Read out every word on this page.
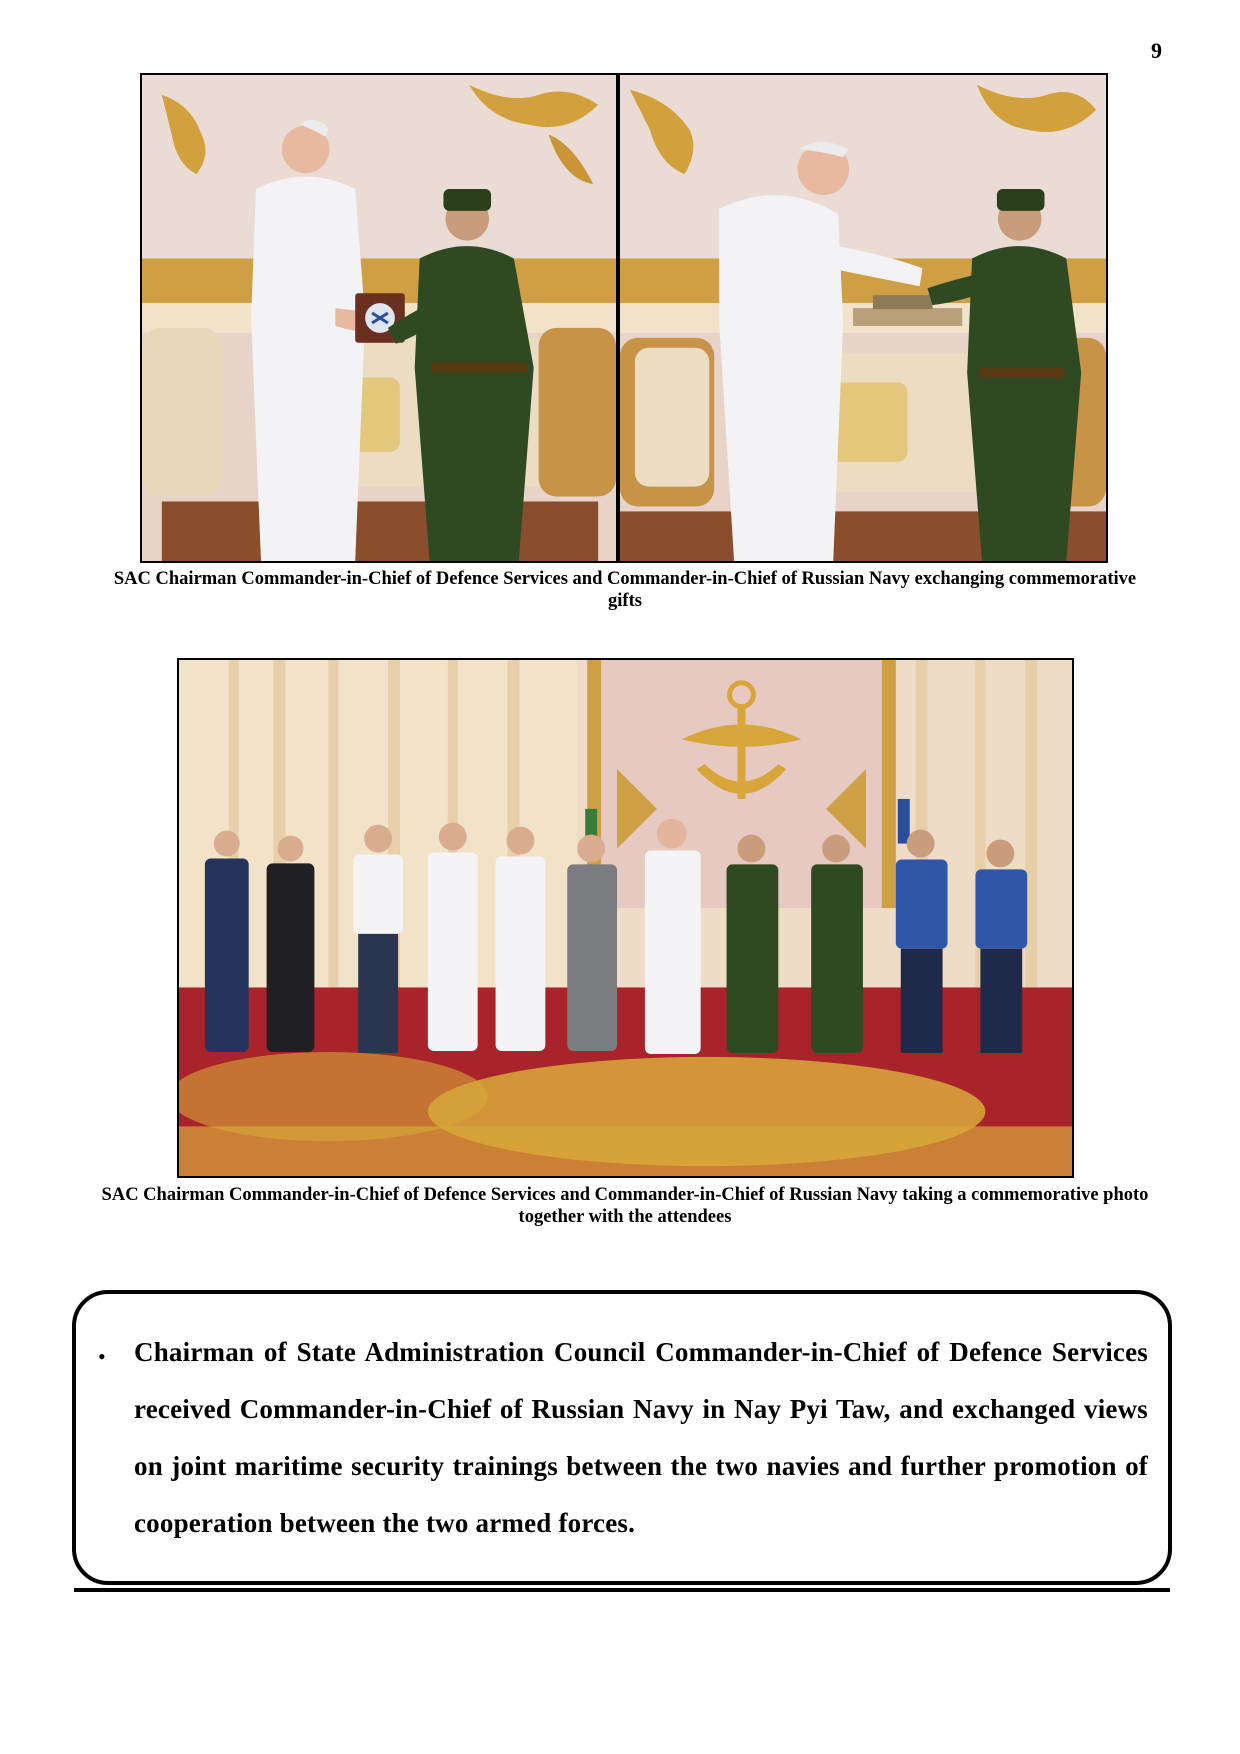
9
SAC Chairman Commander-in-Chief of Defence Services and Commander-in-Chief of Russian Navy exchanging commemorative gifts
SAC Chairman Commander-in-Chief of Defence Services and Commander-in-Chief of Russian Navy taking a commemorative photo together with the attendees
• Chairman of State Administration Council Commander-in-Chief of Defence Services received Commander-in-Chief of Russian Navy in Nay Pyi Taw, and exchanged views on joint maritime security trainings between the two navies and further promotion of cooperation between the two armed forces.
